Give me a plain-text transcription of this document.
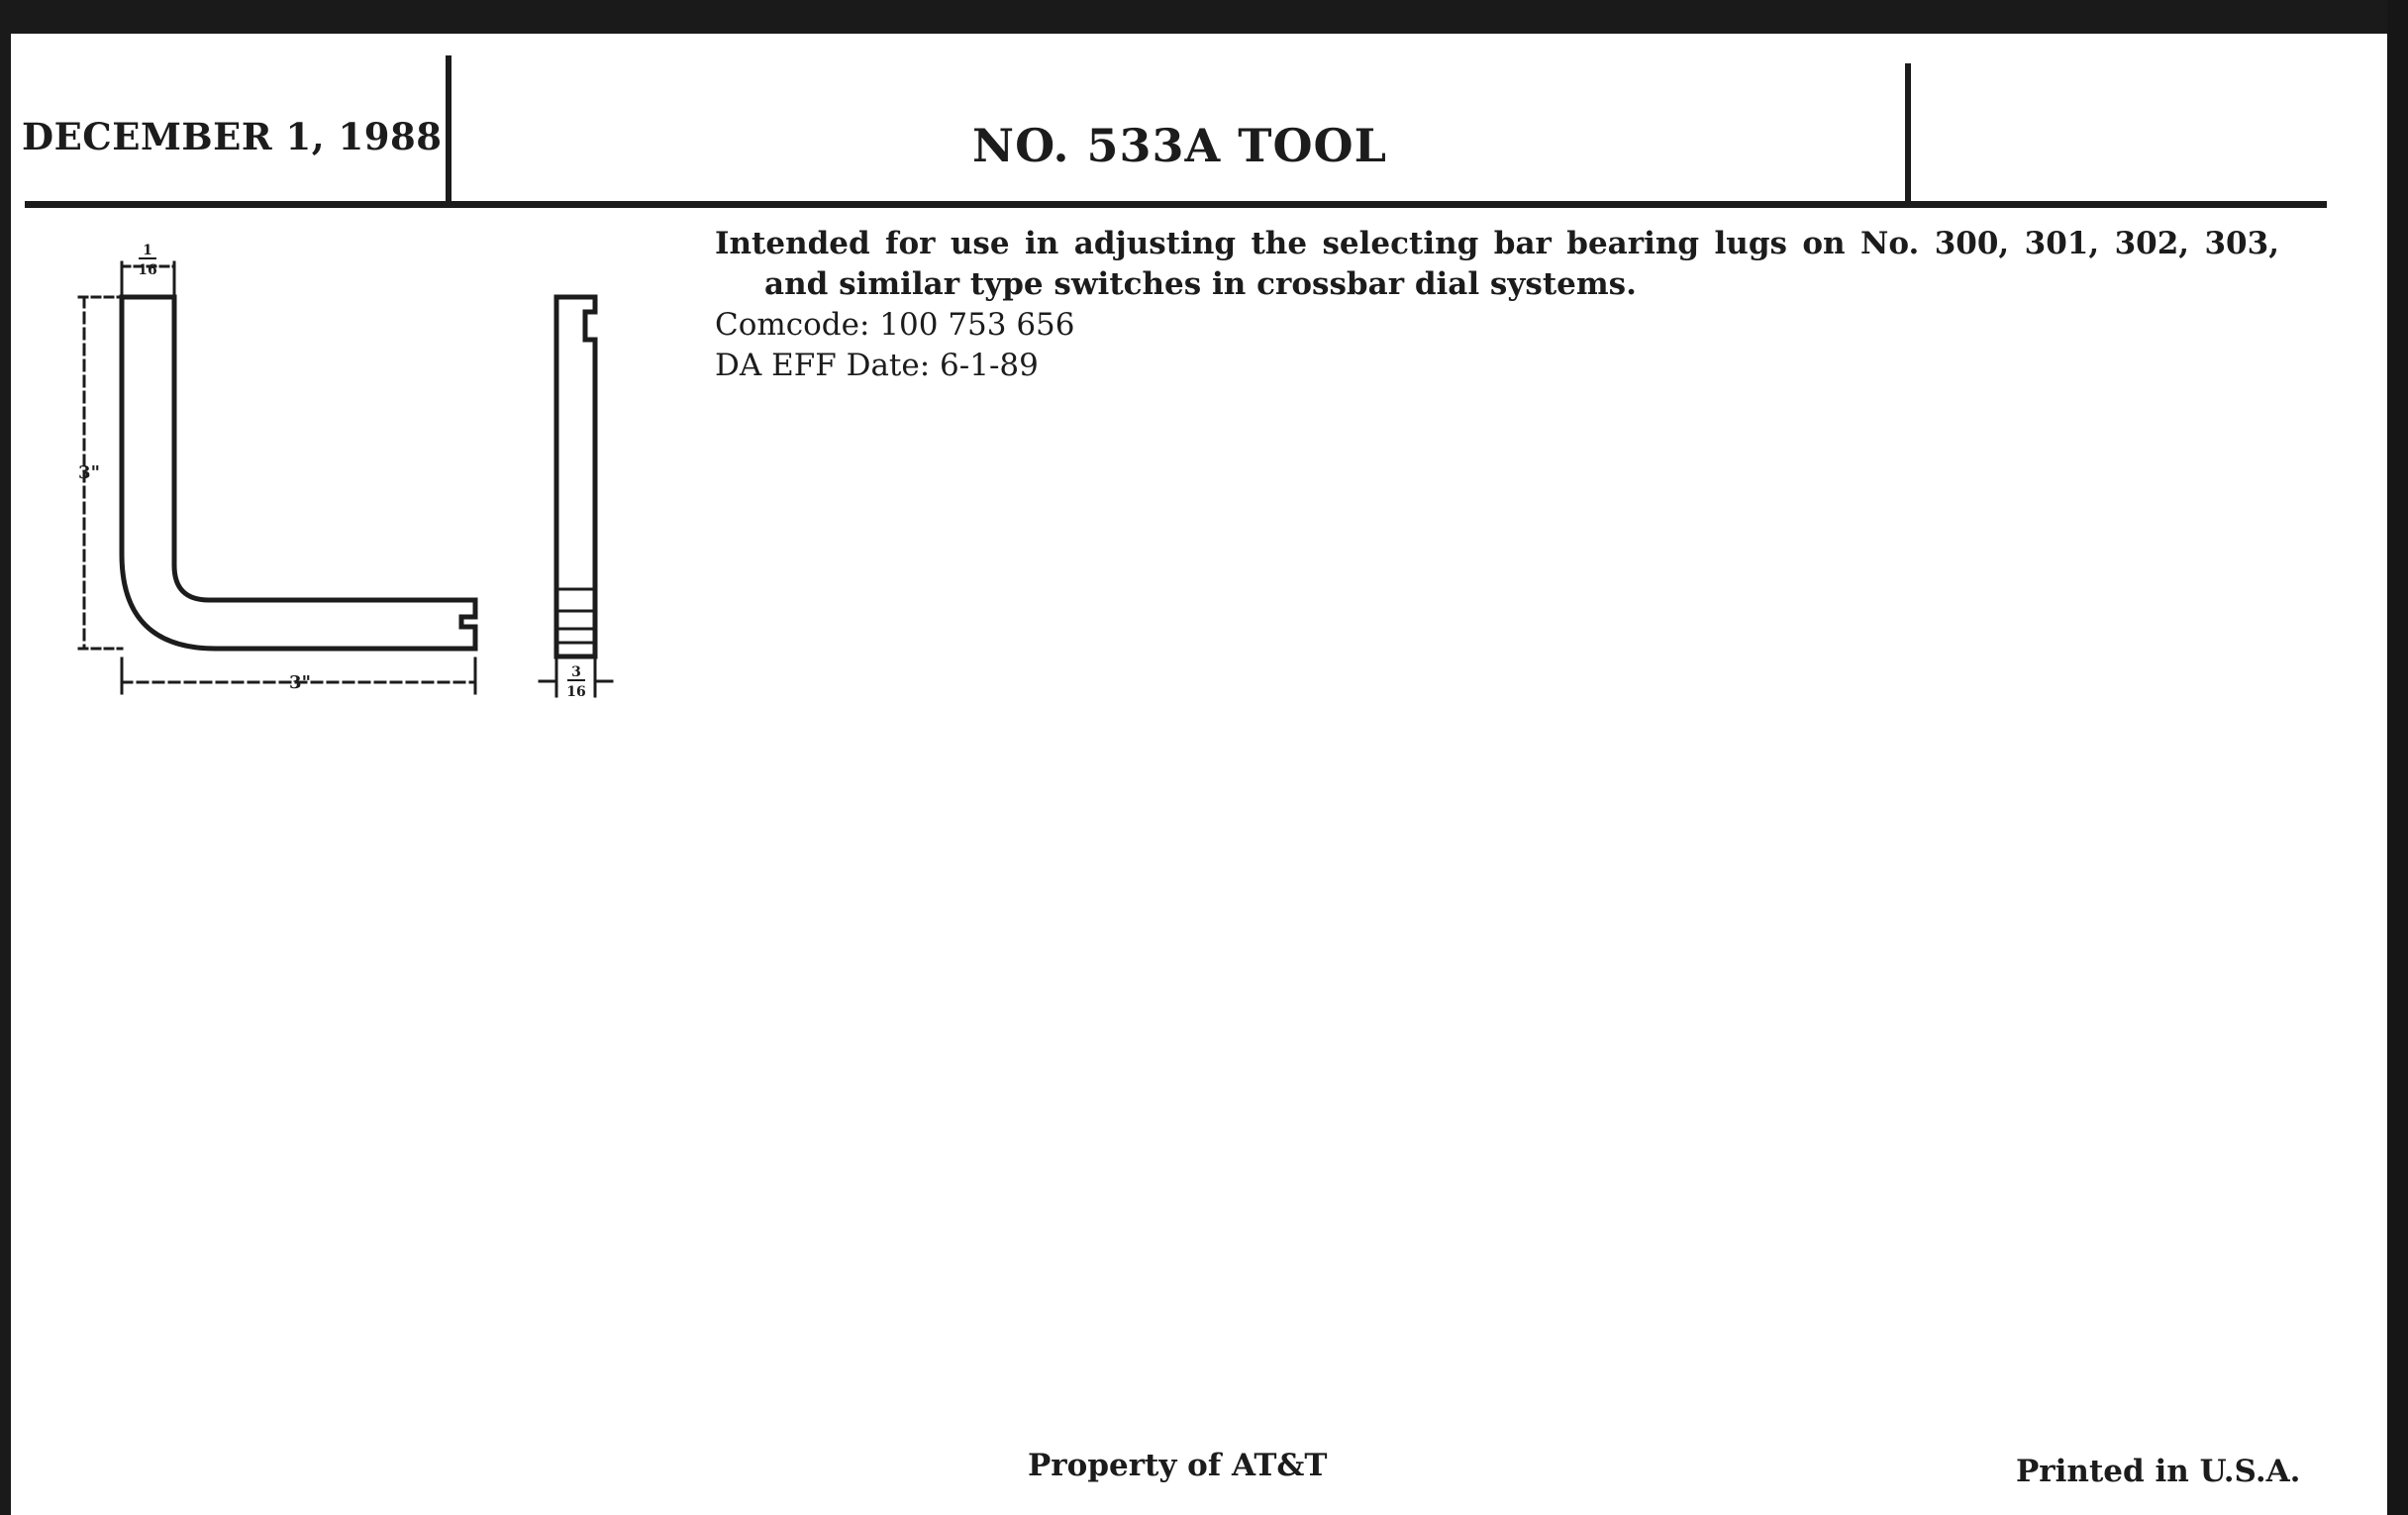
DECEMBER 1, 1988	NO. 533A TOOL

Intended for use in adjusting the selecting bar bearing lugs on No. 300, 301, 302, 303, and similar type switches in crossbar dial systems.

Comcode: 100 753 656

DA EFF Date: 6-1-89

1
16
3"
3"	3
16
Property of AT&T	Printed in U.S.A.
